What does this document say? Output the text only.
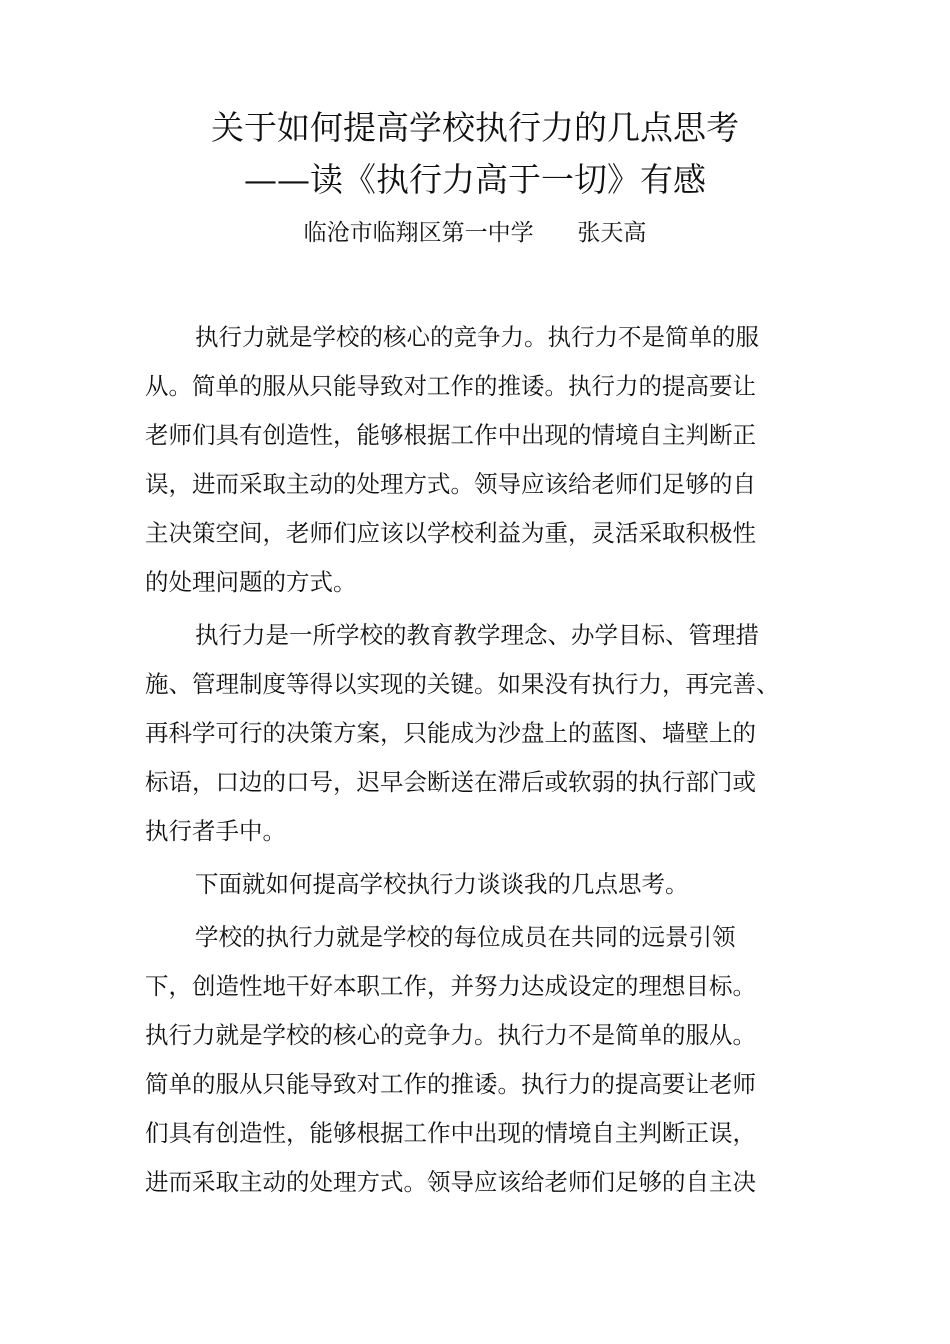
关于如何提高学校执行力的几点思考
——读《执行力高于一切》有感
临沧市临翔区第一中学      张天高
执行力就是学校的核心的竞争力。执行力不是简单的服
从。简单的服从只能导致对工作的推诿。执行力的提高要让
老师们具有创造性，能够根据工作中出现的情境自主判断正
误，进而采取主动的处理方式。领导应该给老师们足够的自
主决策空间，老师们应该以学校利益为重，灵活采取积极性
的处理问题的方式。
执行力是一所学校的教育教学理念、办学目标、管理措
施、管理制度等得以实现的关键。如果没有执行力，再完善、
再科学可行的决策方案，只能成为沙盘上的蓝图、墙壁上的
标语，口边的口号，迟早会断送在滞后或软弱的执行部门或
执行者手中。
下面就如何提高学校执行力谈谈我的几点思考。
学校的执行力就是学校的每位成员在共同的远景引领
下，创造性地干好本职工作，并努力达成设定的理想目标。
执行力就是学校的核心的竞争力。执行力不是简单的服从。
简单的服从只能导致对工作的推诿。执行力的提高要让老师
们具有创造性，能够根据工作中出现的情境自主判断正误，
进而采取主动的处理方式。领导应该给老师们足够的自主决
